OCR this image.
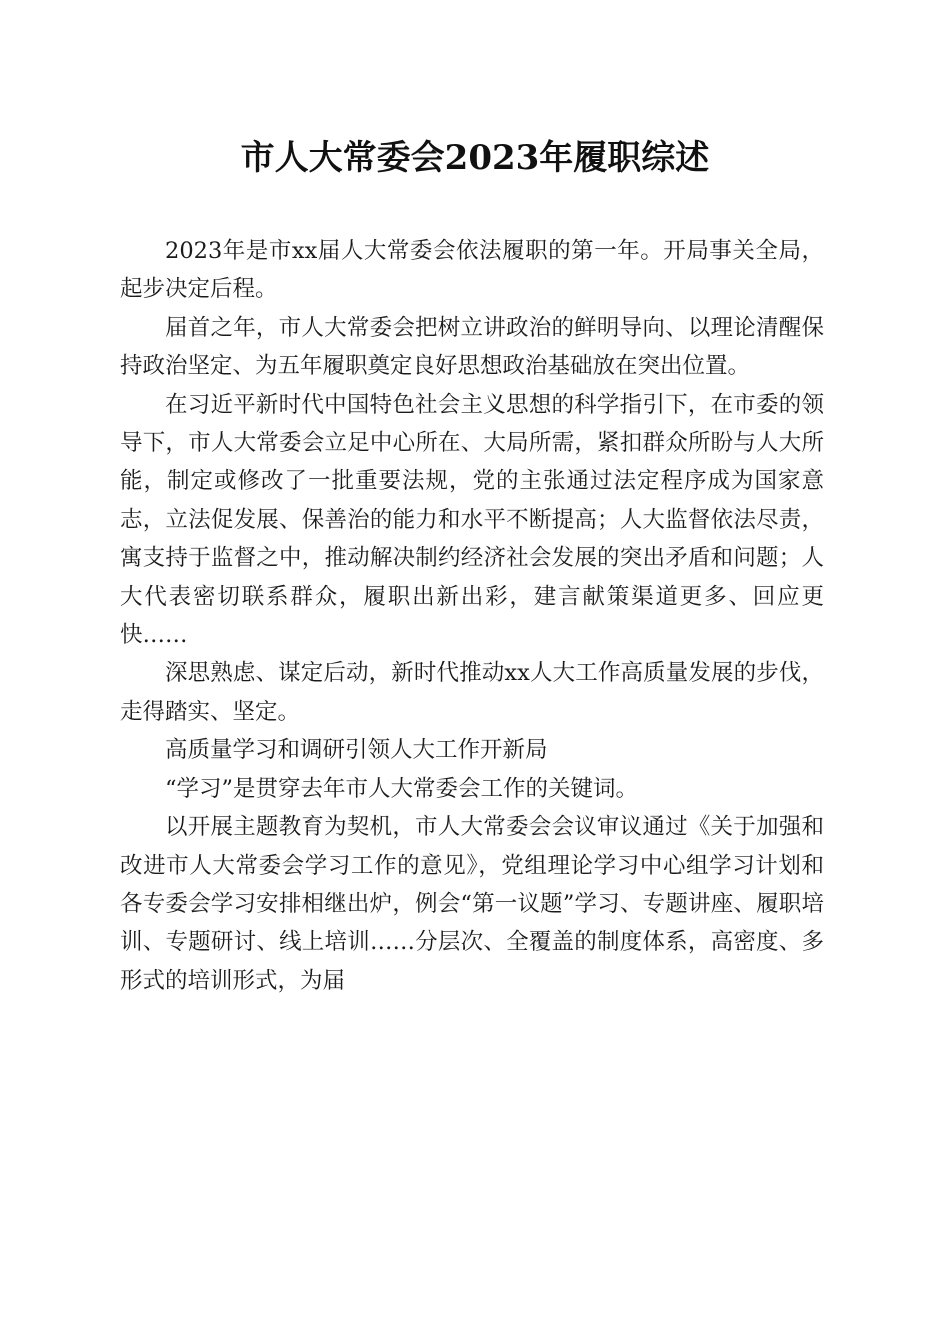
市人大常委会2023年履职综述

2023年是市xx届人大常委会依法履职的第一年。开局事关全局，起步决定后程。

届首之年，市人大常委会把树立讲政治的鲜明导向、以理论清醒保持政治坚定、为五年履职奠定良好思想政治基础放在突出位置。

在习近平新时代中国特色社会主义思想的科学指引下，在市委的领导下，市人大常委会立足中心所在、大局所需，紧扣群众所盼与人大所能，制定或修改了一批重要法规，党的主张通过法定程序成为国家意志，立法促发展、保善治的能力和水平不断提高；人大监督依法尽责，寓支持于监督之中，推动解决制约经济社会发展的突出矛盾和问题；人大代表密切联系群众，履职出新出彩，建言献策渠道更多、回应更快……

深思熟虑、谋定后动，新时代推动xx人大工作高质量发展的步伐，走得踏实、坚定。

高质量学习和调研引领人大工作开新局

“学习”是贯穿去年市人大常委会工作的关键词。

以开展主题教育为契机，市人大常委会会议审议通过《关于加强和改进市人大常委会学习工作的意见》，党组理论学习中心组学习计划和各专委会学习安排相继出炉，例会“第一议题”学习、专题讲座、履职培训、专题研讨、线上培训……分层次、全覆盖的制度体系，高密度、多形式的培训形式，为届
